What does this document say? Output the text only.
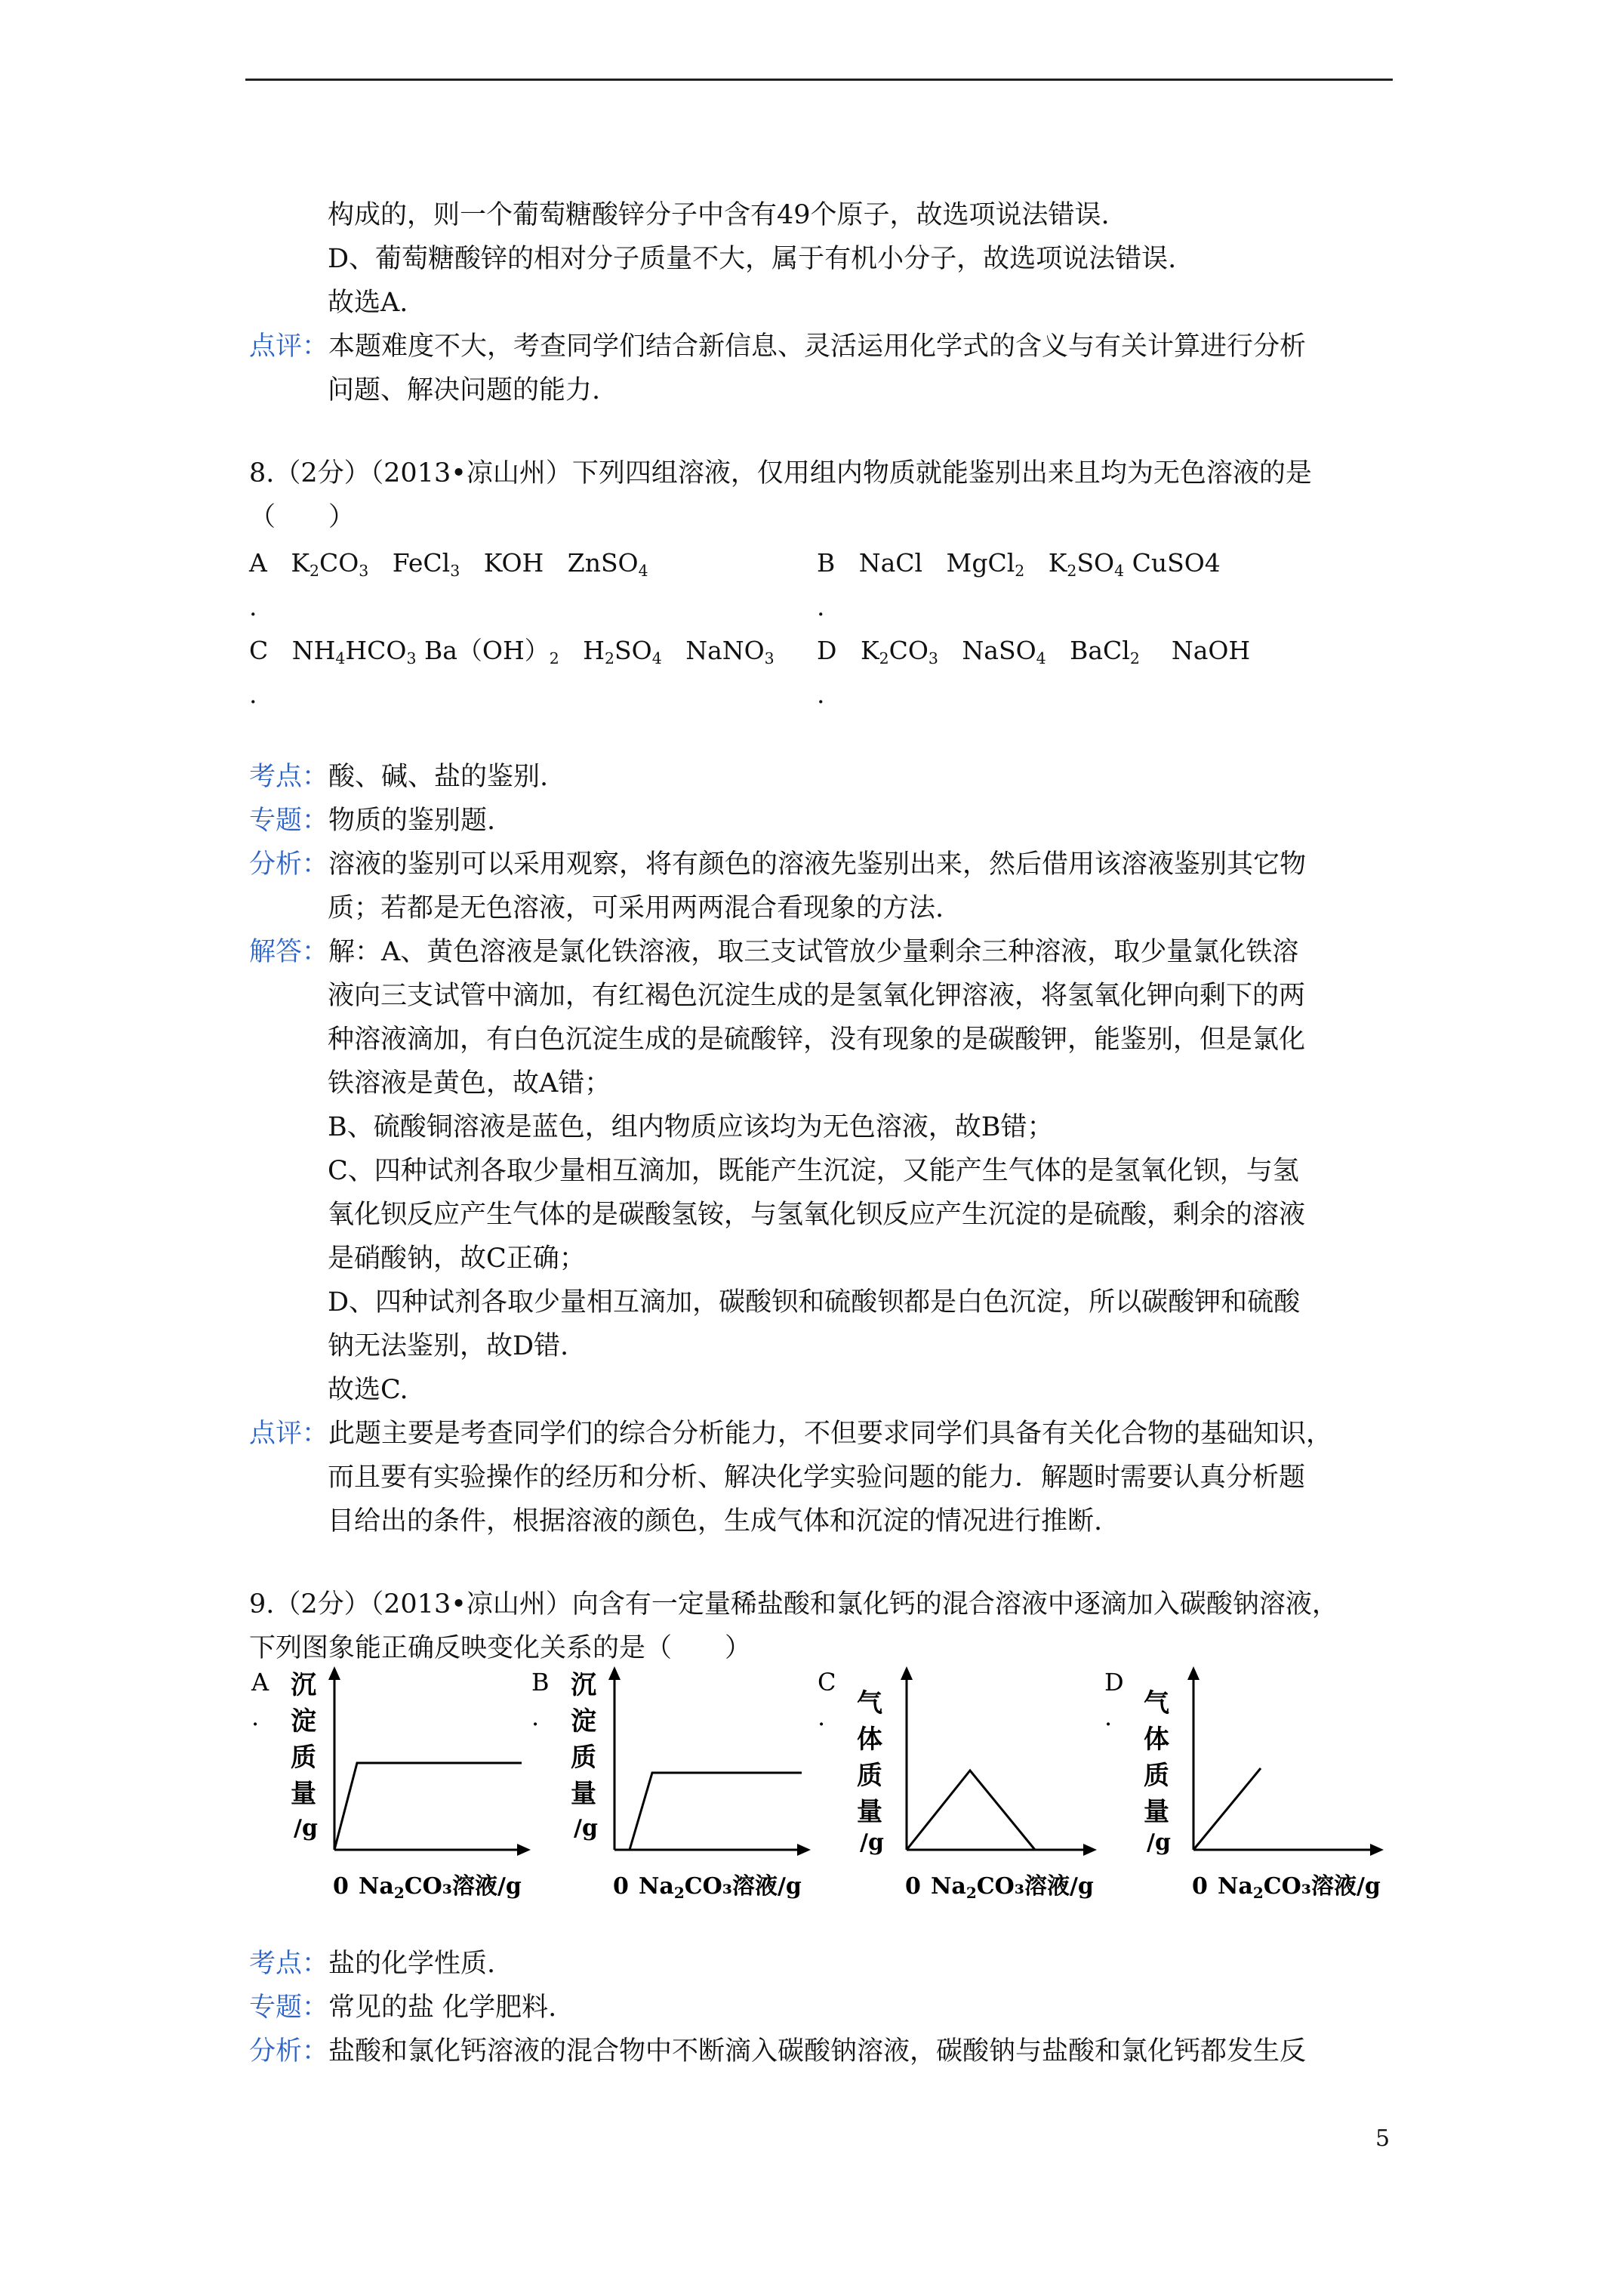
构成的，则一个葡萄糖酸锌分子中含有49个原子，故选项说法错误.
D、葡萄糖酸锌的相对分子质量不大，属于有机小分子，故选项说法错误.
故选A.
点评：本题难度不大，考查同学们结合新信息、灵活运用化学式的含义与有关计算进行分析
问题、解决问题的能力.
8.（2分）（2013•凉山州）下列四组溶液，仅用组内物质就能鉴别出来且均为无色溶液的是
（　　）
A   $K_2CO_3$   FeCl$_3$   KOH   ZnSO$_4$
.
B   NaCl   MgCl$_2$   $K_2SO_4$ CuSO4
.
C   $NH_4HCO_3$ $Ba(OH)_2$   $H_2SO_4$   NaNO$_3$
.
D   $K_2CO_3$   NaSO$_4$   BaCl$_2$    NaOH
.
考点：酸、碱、盐的鉴别.
专题：物质的鉴别题.
分析：溶液的鉴别可以采用观察，将有颜色的溶液先鉴别出来，然后借用该溶液鉴别其它物
质；若都是无色溶液，可采用两两混合看现象的方法.
解答：解：A、黄色溶液是氯化铁溶液，取三支试管放少量剩余三种溶液，取少量氯化铁溶
液向三支试管中滴加，有红褐色沉淀生成的是氢氧化钾溶液，将氢氧化钾向剩下的两
种溶液滴加，有白色沉淀生成的是硫酸锌，没有现象的是碳酸钾，能鉴别，但是氯化
铁溶液是黄色，故A错；
B、硫酸铜溶液是蓝色，组内物质应该均为无色溶液，故B错；
C、四种试剂各取少量相互滴加，既能产生沉淀，又能产生气体的是氢氧化钡，与氢
氧化钡反应产生气体的是碳酸氢铵，与氢氧化钡反应产生沉淀的是硫酸，剩余的溶液
是硝酸钠，故C正确；
D、四种试剂各取少量相互滴加，碳酸钡和硫酸钡都是白色沉淀，所以碳酸钾和硫酸
钠无法鉴别，故D错.
故选C.
点评：此题主要是考查同学们的综合分析能力，不但要求同学们具备有关化合物的基础知识，
而且要有实验操作的经历和分析、解决化学实验问题的能力．解题时需要认真分析题
目给出的条件，根据溶液的颜色，生成气体和沉淀的情况进行推断.
9.（2分）（2013•凉山州）向含有一定量稀盐酸和氯化钙的混合溶液中逐滴加入碳酸钠溶液，
下列图象能正确反映变化关系的是（　　）
A
.
沉
淀
质
量
/g
0 $Na_2CO_3$溶液/g
B
.
沉
淀
质
量
/g
0 $Na_2CO_3$溶液/g
C
. 气
体
质
量
/g
0 $Na_2CO_3$溶液/g
D
. 气
体
质
量
/g
0 $Na_2CO_3$溶液/g
考点：盐的化学性质.
专题：常见的盐 化学肥料.
分析：盐酸和氯化钙溶液的混合物中不断滴入碳酸钠溶液，碳酸钠与盐酸和氯化钙都发生反
5
